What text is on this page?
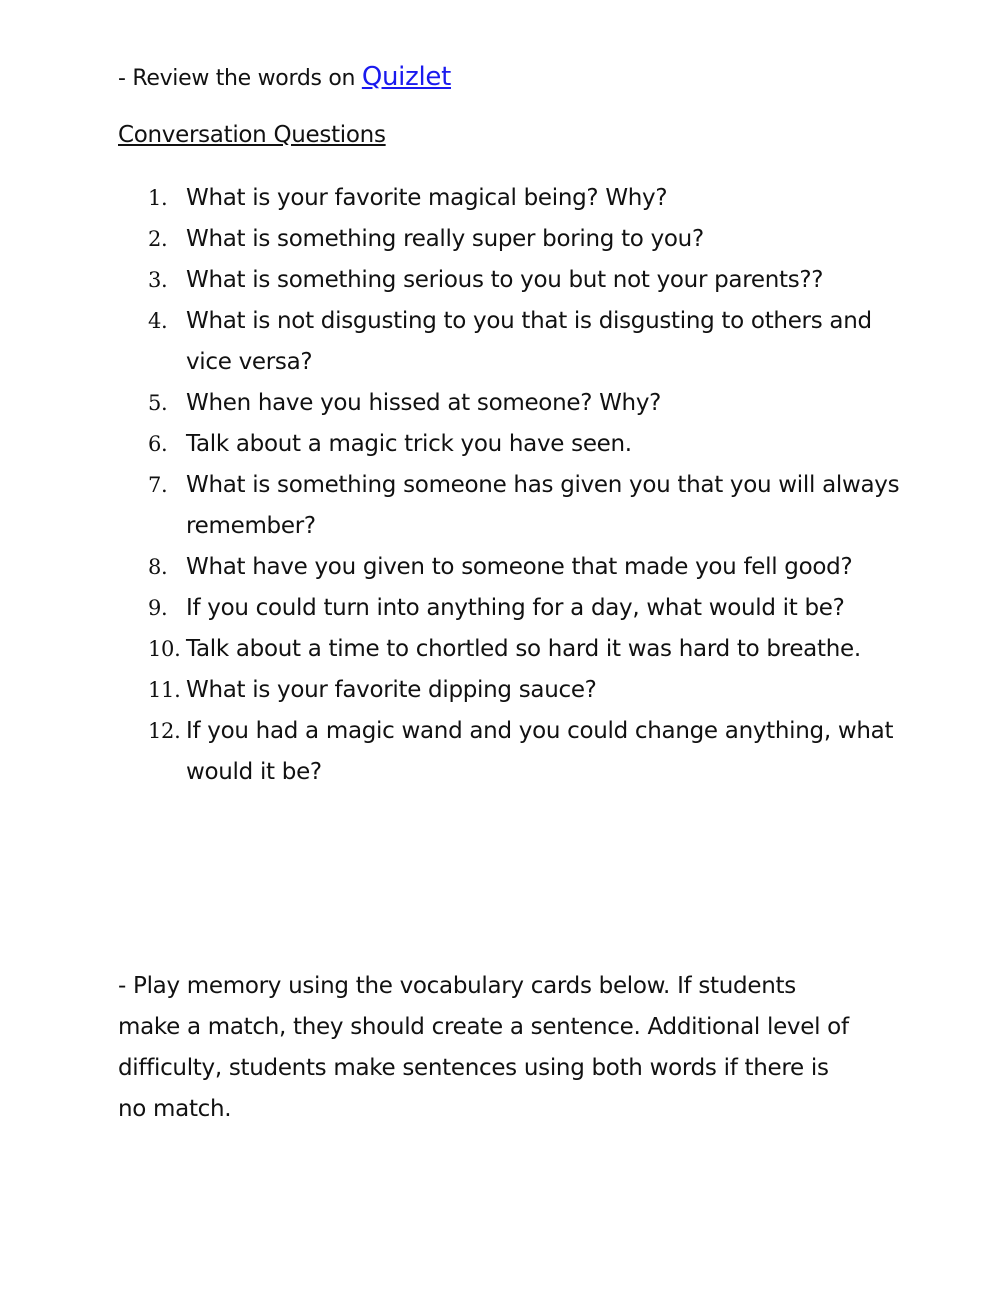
- Review the words on Quizlet
Conversation Questions
1. What is your favorite magical being? Why?
2. What is something really super boring to you?
3. What is something serious to you but not your parents??
4. What is not disgusting to you that is disgusting to others and vice versa?
5. When have you hissed at someone? Why?
6. Talk about a magic trick you have seen.
7. What is something someone has given you that you will always remember?
8. What have you given to someone that made you fell good?
9. If you could turn into anything for a day, what would it be?
10. Talk about a time to chortled so hard it was hard to breathe.
11. What is your favorite dipping sauce?
12. If you had a magic wand and you could change anything, what would it be?

- Play memory using the vocabulary cards below. If students make a match, they should create a sentence. Additional level of difficulty, students make sentences using both words if there is no match.
